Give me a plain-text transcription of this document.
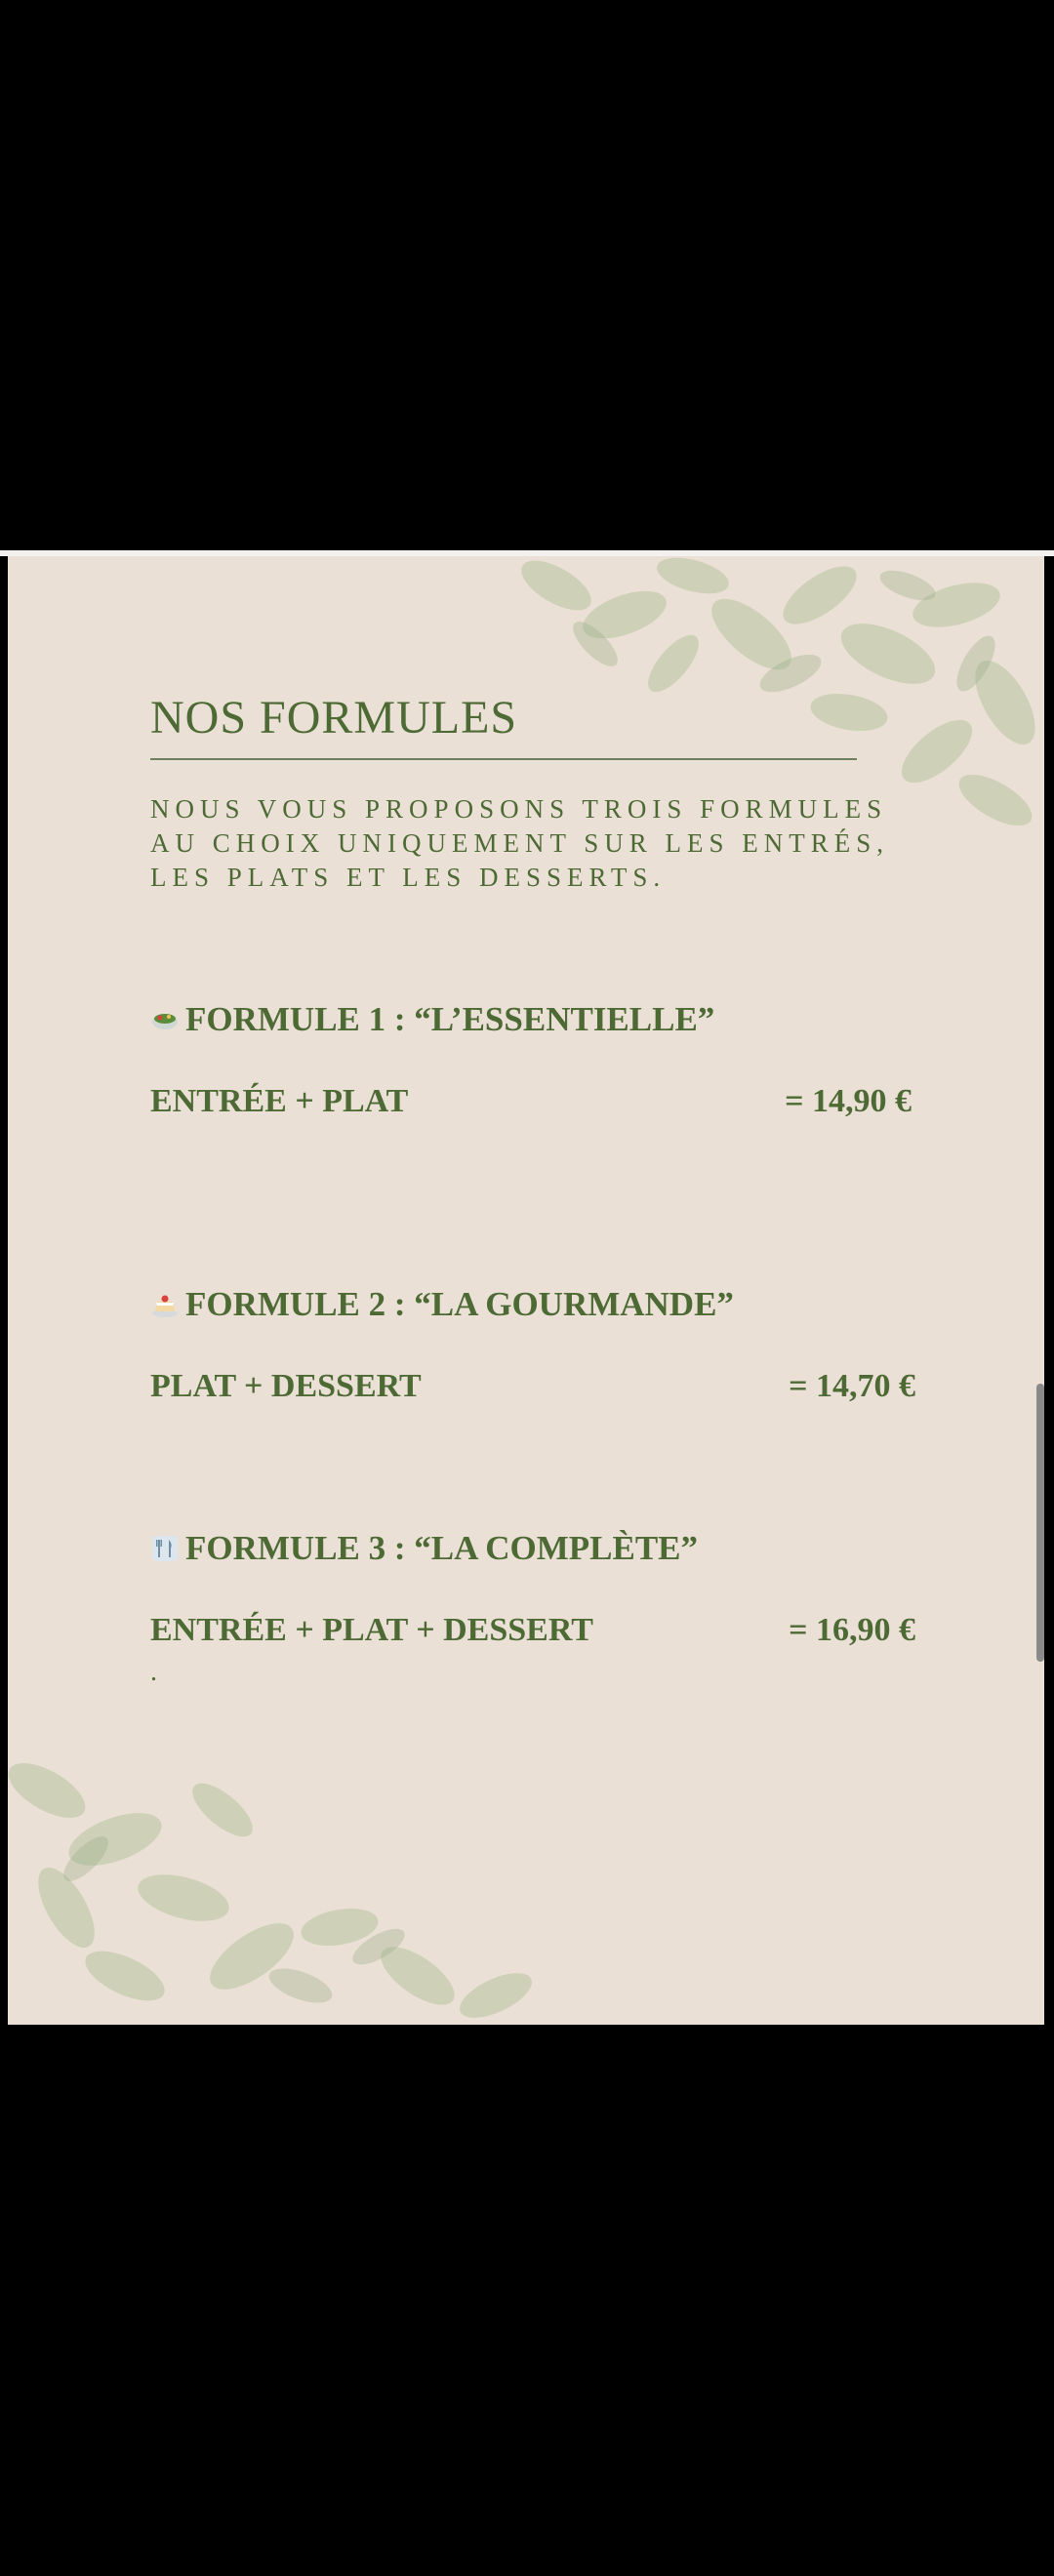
NOS FORMULES

NOUS VOUS PROPOSONS TROIS FORMULES AU CHOIX UNIQUEMENT SUR LES ENTRÉS, LES PLATS ET LES DESSERTS.

FORMULE 1 : “L’ESSENTIELLE”
ENTRÉE + PLAT	= 14,90 €
FORMULE 2 : “LA GOURMANDE”
PLAT + DESSERT	= 14,70 €
FORMULE 3 : “LA COMPLÈTE”
ENTRÉE + PLAT + DESSERT	= 16,90 €
.
